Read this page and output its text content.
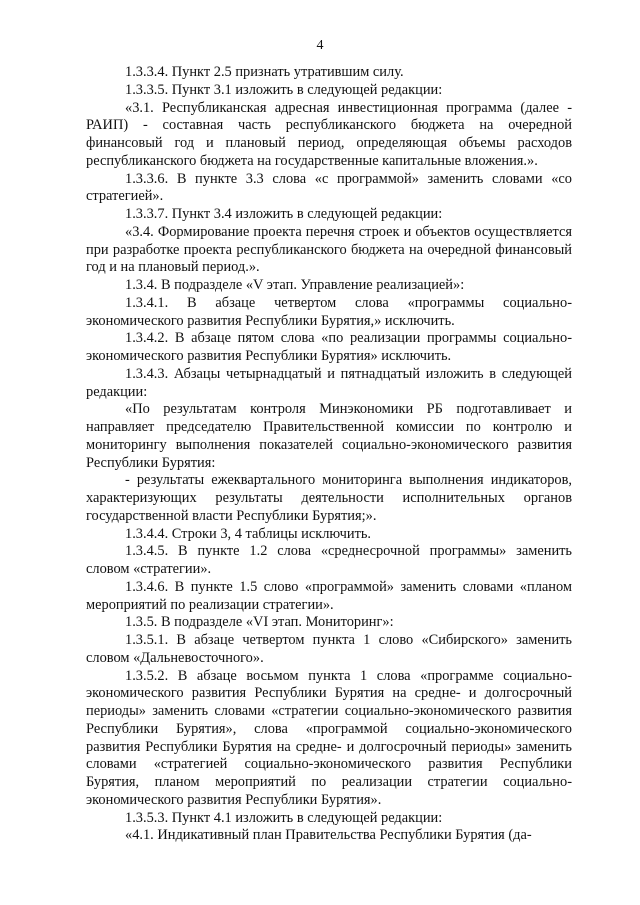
4

1.3.3.4. Пункт 2.5 признать утратившим силу.

1.3.3.5. Пункт 3.1 изложить в следующей редакции:

«3.1. Республиканская адресная инвестиционная программа (далее - РАИП) - составная часть республиканского бюджета на очередной финансовый год и плановый период, определяющая объемы расходов республиканского бюджета на государственные капитальные вложения.».

1.3.3.6. В пункте 3.3 слова «с программой» заменить словами «со стратегией».

1.3.3.7. Пункт 3.4 изложить в следующей редакции:

«3.4. Формирование проекта перечня строек и объектов осуществляется при разработке проекта республиканского бюджета на очередной финансовый год и на плановый период.».

1.3.4. В подразделе «V этап. Управление реализацией»:

1.3.4.1. В абзаце четвертом слова «программы социально-экономического развития Республики Бурятия,» исключить.

1.3.4.2. В абзаце пятом слова «по реализации программы социально-экономического развития Республики Бурятия» исключить.

1.3.4.3. Абзацы четырнадцатый и пятнадцатый изложить в следующей редакции:

«По результатам контроля Минэкономики РБ подготавливает и направляет председателю Правительственной комиссии по контролю и мониторингу выполнения показателей социально-экономического развития Республики Бурятия:

- результаты ежеквартального мониторинга выполнения индикаторов, характеризующих результаты деятельности исполнительных органов государственной власти Республики Бурятия;».

1.3.4.4. Строки 3, 4 таблицы исключить.

1.3.4.5. В пункте 1.2 слова «среднесрочной программы» заменить словом «стратегии».

1.3.4.6. В пункте 1.5 слово «программой» заменить словами «планом мероприятий по реализации стратегии».

1.3.5. В подразделе «VI этап. Мониторинг»:

1.3.5.1. В абзаце четвертом пункта 1 слово «Сибирского» заменить словом «Дальневосточного».

1.3.5.2. В абзаце восьмом пункта 1 слова «программе социально-экономического развития Республики Бурятия на средне- и долгосрочный периоды» заменить словами «стратегии социально-экономического развития Республики Бурятия», слова «программой социально-экономического развития Республики Бурятия на средне- и долгосрочный периоды» заменить словами «стратегией социально-экономического развития Республики Бурятия, планом мероприятий по реализации стратегии социально-экономического развития Республики Бурятия».

1.3.5.3. Пункт 4.1 изложить в следующей редакции:

«4.1. Индикативный план Правительства Республики Бурятия (да-
